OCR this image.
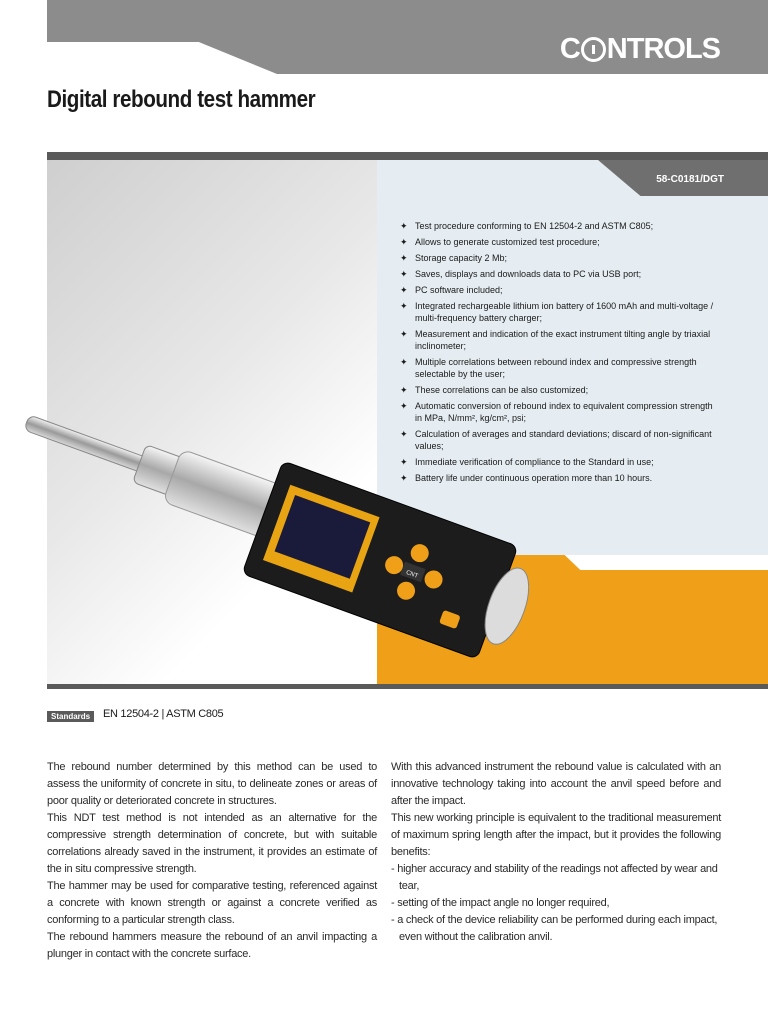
C NTROLS
Digital rebound test hammer
58-C0181/DGT
✦ Test procedure conforming to EN 12504-2 and ASTM C805;
✦ Allows to generate customized test procedure;
✦ Storage capacity 2 Mb;
✦ Saves, displays and downloads data to PC via USB port;
✦ PC software included;
✦ Integrated rechargeable lithium ion battery of 1600 mAh and multi-voltage / multi-frequency battery charger;
✦ Measurement and indication of the exact instrument tilting angle by triaxial inclinometer;
✦ Multiple correlations between rebound index and compressive strength selectable by the user;
✦ These correlations can be also customized;
✦ Automatic conversion of rebound index to equivalent compression strength in MPa, N/mm², kg/cm², psi;
✦ Calculation of averages and standard deviations; discard of non-significant values;
✦ Immediate verification of compliance to the Standard in use;
✦ Battery life under continuous operation more than 10 hours.
CNT
Standards	EN 12504-2 | ASTM C805

The rebound number determined by this method can be used to assess the uniformity of concrete in situ, to delineate zones or areas of poor quality or deteriorated concrete in structures.

This NDT test method is not intended as an alternative for the compressive strength determination of concrete, but with suitable correlations already saved in the instrument, it provides an estimate of the in situ compressive strength.

The hammer may be used for comparative testing, referenced against a concrete with known strength or against a concrete verified as conforming to a particular strength class.

The rebound hammers measure the rebound of an anvil impacting a plunger in contact with the concrete surface.

With this advanced instrument the rebound value is calculated with an innovative technology taking into account the anvil speed before and after the impact.

This new working principle is equivalent to the traditional measurement of maximum spring length after the impact, but it provides the following benefits:

- higher accuracy and stability of the readings not affected by wear and tear,

- setting of the impact angle no longer required,

- a check of the device reliability can be performed during each impact, even without the calibration anvil.
